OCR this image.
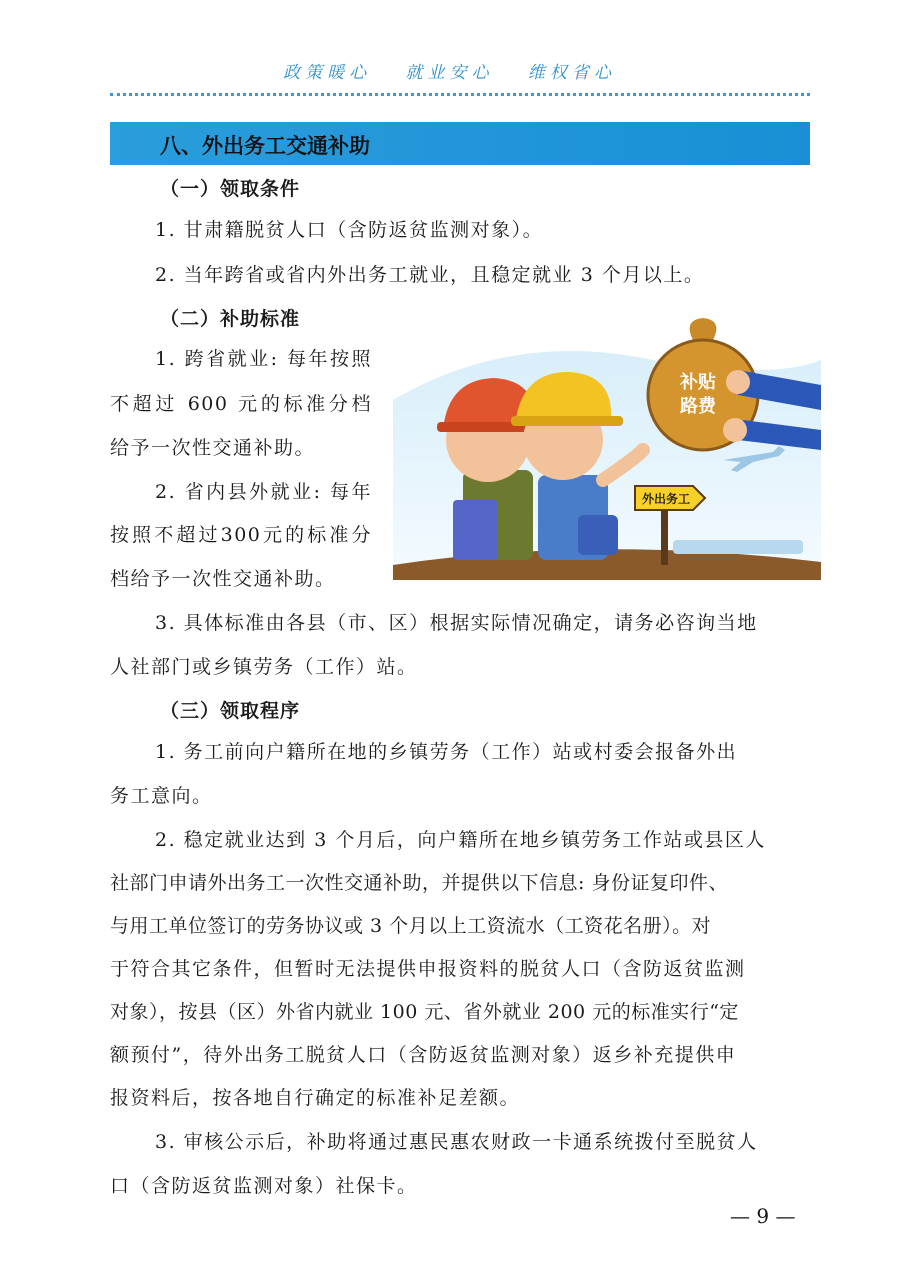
政策暖心 就业安心 维权省心
八、外出务工交通补助
（一）领取条件
1. 甘肃籍脱贫人口（含防返贫监测对象）。
2. 当年跨省或省内外出务工就业，且稳定就业 3 个月以上。
（二）补助标准
1. 跨省就业: 每年按照
不超过 600 元的标准分档
给予一次性交通补助。
2. 省内县外就业: 每年
按照不超过300元的标准分
档给予一次性交通补助。
外出务工
补贴
路费
3. 具体标准由各县（市、区）根据实际情况确定，请务必咨询当地
人社部门或乡镇劳务（工作）站。
（三）领取程序
1. 务工前向户籍所在地的乡镇劳务（工作）站或村委会报备外出
务工意向。
2. 稳定就业达到 3 个月后，向户籍所在地乡镇劳务工作站或县区人
社部门申请外出务工一次性交通补助，并提供以下信息: 身份证复印件、
与用工单位签订的劳务协议或 3 个月以上工资流水（工资花名册）。对
于符合其它条件，但暂时无法提供申报资料的脱贫人口（含防返贫监测
对象），按县（区）外省内就业 100 元、省外就业 200 元的标准实行“定
额预付”，待外出务工脱贫人口（含防返贫监测对象）返乡补充提供申
报资料后，按各地自行确定的标准补足差额。
3. 审核公示后，补助将通过惠民惠农财政一卡通系统拨付至脱贫人
口（含防返贫监测对象）社保卡。
— 9 —
